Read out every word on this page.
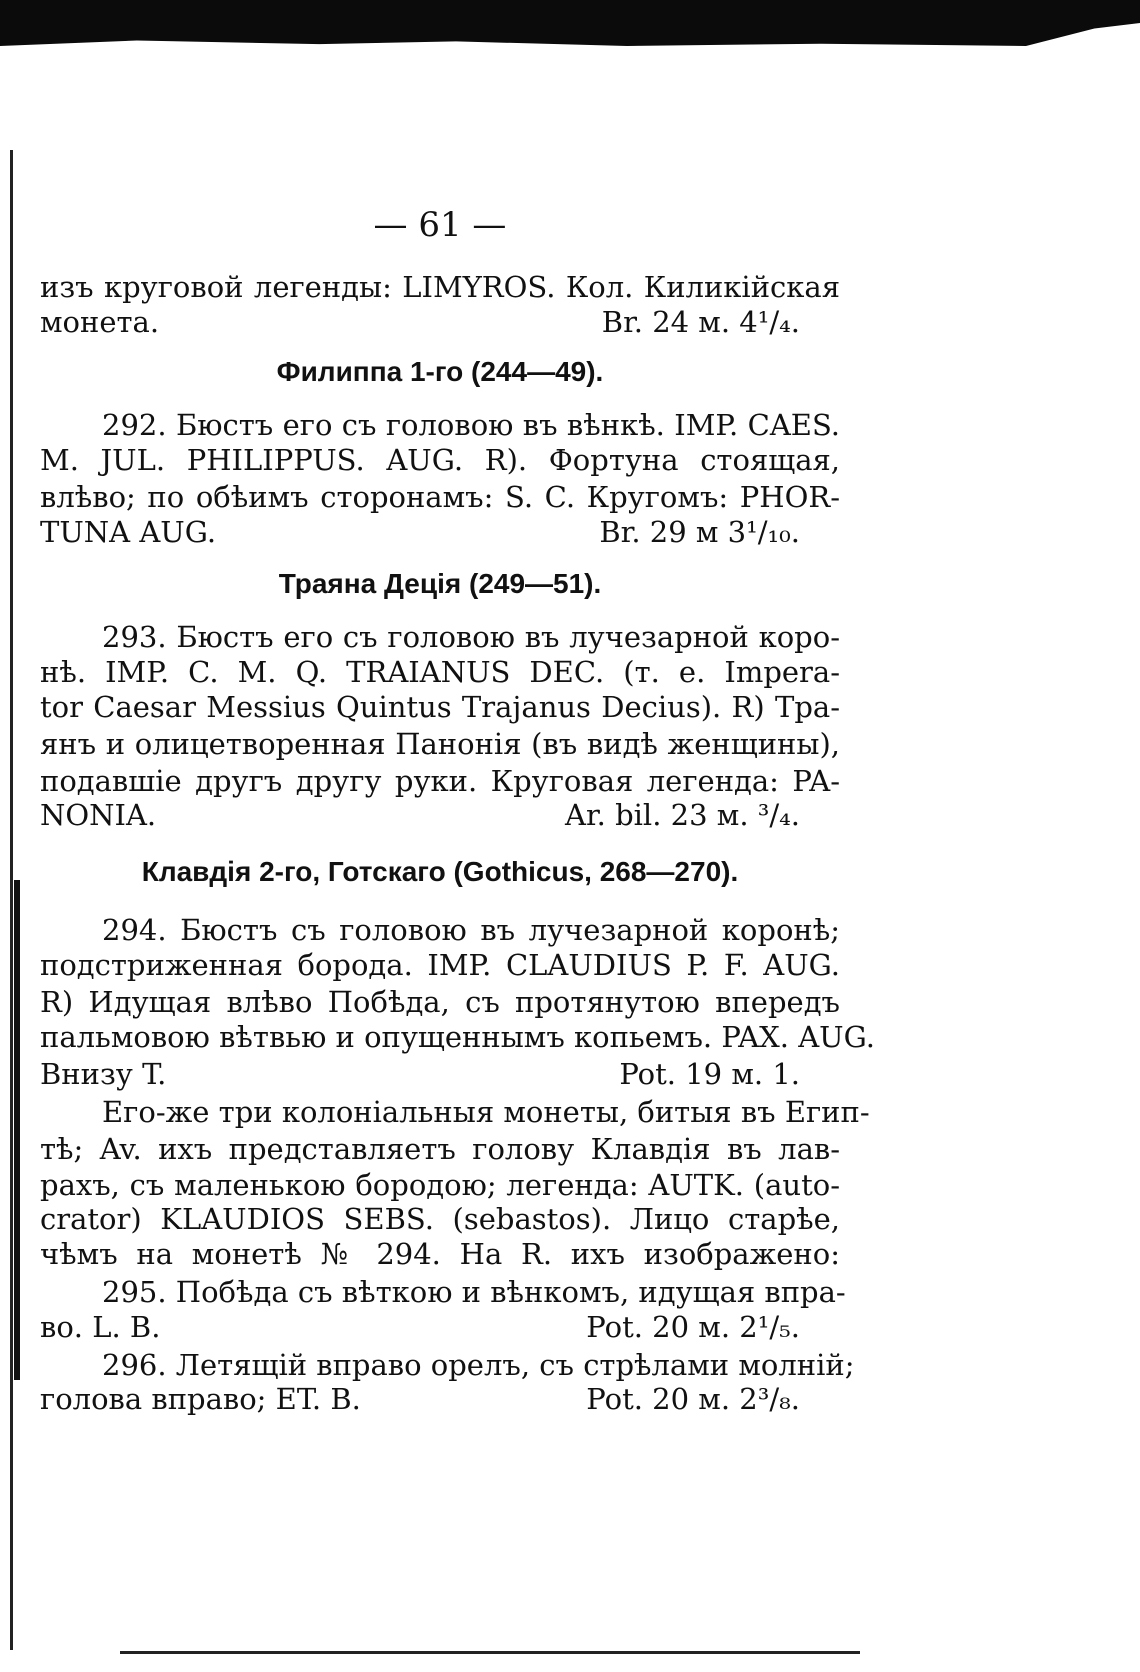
— 61 —
изъ круговой легенды: LIMYROS. Кол. Киликійская
монета.	Br. 24 м. 4¹/₄.
Филиппа 1-го (244—49).
292. Бюстъ его съ головою въ вѣнкѣ. IMP. CAES.
M. JUL. PHILIPPUS. AUG. R). Фортуна стоящая,
влѣво; по обѣимъ сторонамъ: S. C. Кругомъ: PHOR-
TUNA AUG.	Br. 29 м 3¹/₁₀.
Траяна Децiя (249—51).
293. Бюстъ его съ головою въ лучезарной коро-
нѣ. IMP. C. M. Q. TRAIANUS DEC. (т. е. Impera-
tor Caesar Messius Quintus Trajanus Decius). R) Тра-
янъ и олицетворенная Панонія (въ видѣ женщины),
подавшіе другъ другу руки. Круговая легенда: PA-
NONIA.	Ar. bil. 23 м. ³/₄.
Клавдія 2-го, Готскаго (Gothicus, 268—270).
294. Бюстъ съ головою въ лучезарной коронѣ;
подстриженная борода. IMP. CLAUDIUS P. F. AUG.
R) Идущая влѣво Побѣда, съ протянутою впередъ
пальмовою вѣтвью и опущеннымъ копьемъ. PAX. AUG.
Внизу T.	Pot. 19 м. 1.
Его-же три колоніальныя монеты, битыя въ Егип-
тѣ; Av. ихъ представляетъ голову Клавдія въ лав-
рахъ, съ маленькою бородою; легенда: AUTK. (auto-
crator) KLAUDIOS SEBS. (sebastos). Лицо старѣе,
чѣмъ на монетѣ № 294. На R. ихъ изображено:
295. Побѣда съ вѣткою и вѣнкомъ, идущая впра-
во. L. B.	Pot. 20 м. 2¹/₅.
296. Летящій вправо орелъ, съ стрѣлами молній;
голова вправо; ET. B.	Pot. 20 м. 2³/₈.
